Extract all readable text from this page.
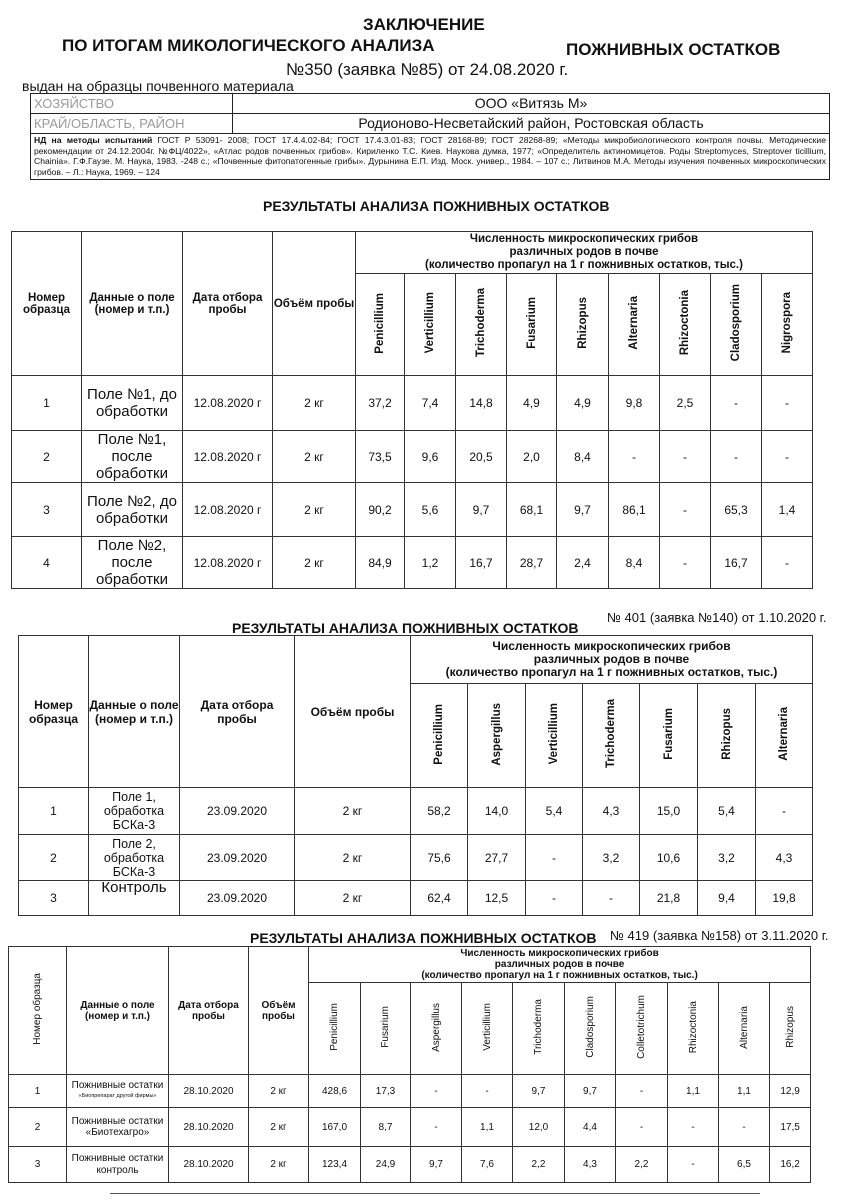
ЗАКЛЮЧЕНИЕ
ПО ИТОГАМ МИКОЛОГИЧЕСКОГО АНАЛИЗА	ПОЖНИВНЫХ ОСТАТКОВ
№350 (заявка №85) от 24.08.2020 г.
выдан на образцы почвенного материала
ХОЗЯЙСТВО	ООО «Витязь М»
КРАЙ/ОБЛАСТЬ, РАЙОН	Родионово-Несветайский район, Ростовская область
НД на методы испытаний ГОСТ Р 53091- 2008; ГОСТ 17.4.4.02-84; ГОСТ 17.4.3.01-83; ГОСТ 28168-89; ГОСТ 28268-89; «Методы микробиологического контроля почвы. Методические рекомендации от 24.12.2004г. №ФЦ/4022», «Атлас родов почвенных грибов». Кириленко Т.С. Киев. Наукова думка, 1977; «Определитель актиномицетов. Роды Streptomyces, Streptover ticillium, Chainia». Г.Ф.Гаузе. М. Наука, 1983. -248 с.; «Почвенные фитопатогенные грибы». Дурынина Е.П. Изд. Моск. универ., 1984. – 107 с.; Литвинов М.А. Методы изучения почвенных микроскопических грибов. – Л.: Наука, 1969. – 124
РЕЗУЛЬТАТЫ АНАЛИЗА ПОЖНИВНЫХ ОСТАТКОВ
Номер образца	Данные о поле (номер и т.п.)	Дата отбора пробы	Объём пробы	Численность микроскопических грибов
различных родов в почве
(количество пропагул на 1 г пожнивных остатков, тыс.)								

				Penicillium	Verticillium	Trichoderma	Fusarium	Rhizopus	Alternaria	Rhizoctonia	Cladosporium	Nigrospora
1	Поле №1, до обработки	12.08.2020 г	2 кг	37,2	7,4	14,8	4,9	4,9	9,8	2,5	-	-
2	Поле №1, после обработки	12.08.2020 г	2 кг	73,5	9,6	20,5	2,0	8,4	-	-	-	-
3	Поле №2, до обработки	12.08.2020 г	2 кг	90,2	5,6	9,7	68,1	9,7	86,1	-	65,3	1,4
4	Поле №2, после обработки	12.08.2020 г	2 кг	84,9	1,2	16,7	28,7	2,4	8,4	-	16,7	-
№ 401 (заявка №140) от 1.10.2020 г.
РЕЗУЛЬТАТЫ АНАЛИЗА ПОЖНИВНЫХ ОСТАТКОВ
Номер образца	Данные о поле (номер и т.п.)	Дата отбора пробы	Объём пробы	Численность микроскопических грибов
различных родов в почве
(количество пропагул на 1 г пожнивных остатков, тыс.)						

				Penicillium	Aspergillus	Verticillium	Trichoderma	Fusarium	Rhizopus	Alternaria
1	Поле 1, обработка БСКа-3	23.09.2020	2 кг	58,2	14,0	5,4	4,3	15,0	5,4	-
2	Поле 2, обработка БСКа-3	23.09.2020	2 кг	75,6	27,7	-	3,2	10,6	3,2	4,3
3	Контроль	23.09.2020	2 кг	62,4	12,5	-	-	21,8	9,4	19,8
РЕЗУЛЬТАТЫ АНАЛИЗА ПОЖНИВНЫХ ОСТАТКОВ № 419 (заявка №158) от 3.11.2020 г.
Номер образца	Данные о поле (номер и т.п.)	Дата отбора пробы	Объём пробы	Численность микроскопических грибов
различных родов в почве
(количество пропагул на 1 г пожнивных остатков, тыс.)									

				Penicillium	Fusarium	Aspergillus	Verticillium	Trichoderma	Cladosporium	Colletotrichum	Rhizoctonia	Alternaria	Rhizopus
1	Пожнивные остатки
«Биопрепарат другой фирмы»	28.10.2020	2 кг	428,6	17,3	-	-	9,7	9,7	-	1,1	1,1	12,9
2	Пожнивные остатки «Биотехагро»	28.10.2020	2 кг	167,0	8,7	-	1,1	12,0	4,4	-	-	-	17,5
3	Пожнивные остатки контроль	28.10.2020	2 кг	123,4	24,9	9,7	7,6	2,2	4,3	2,2	-	6,5	16,2
